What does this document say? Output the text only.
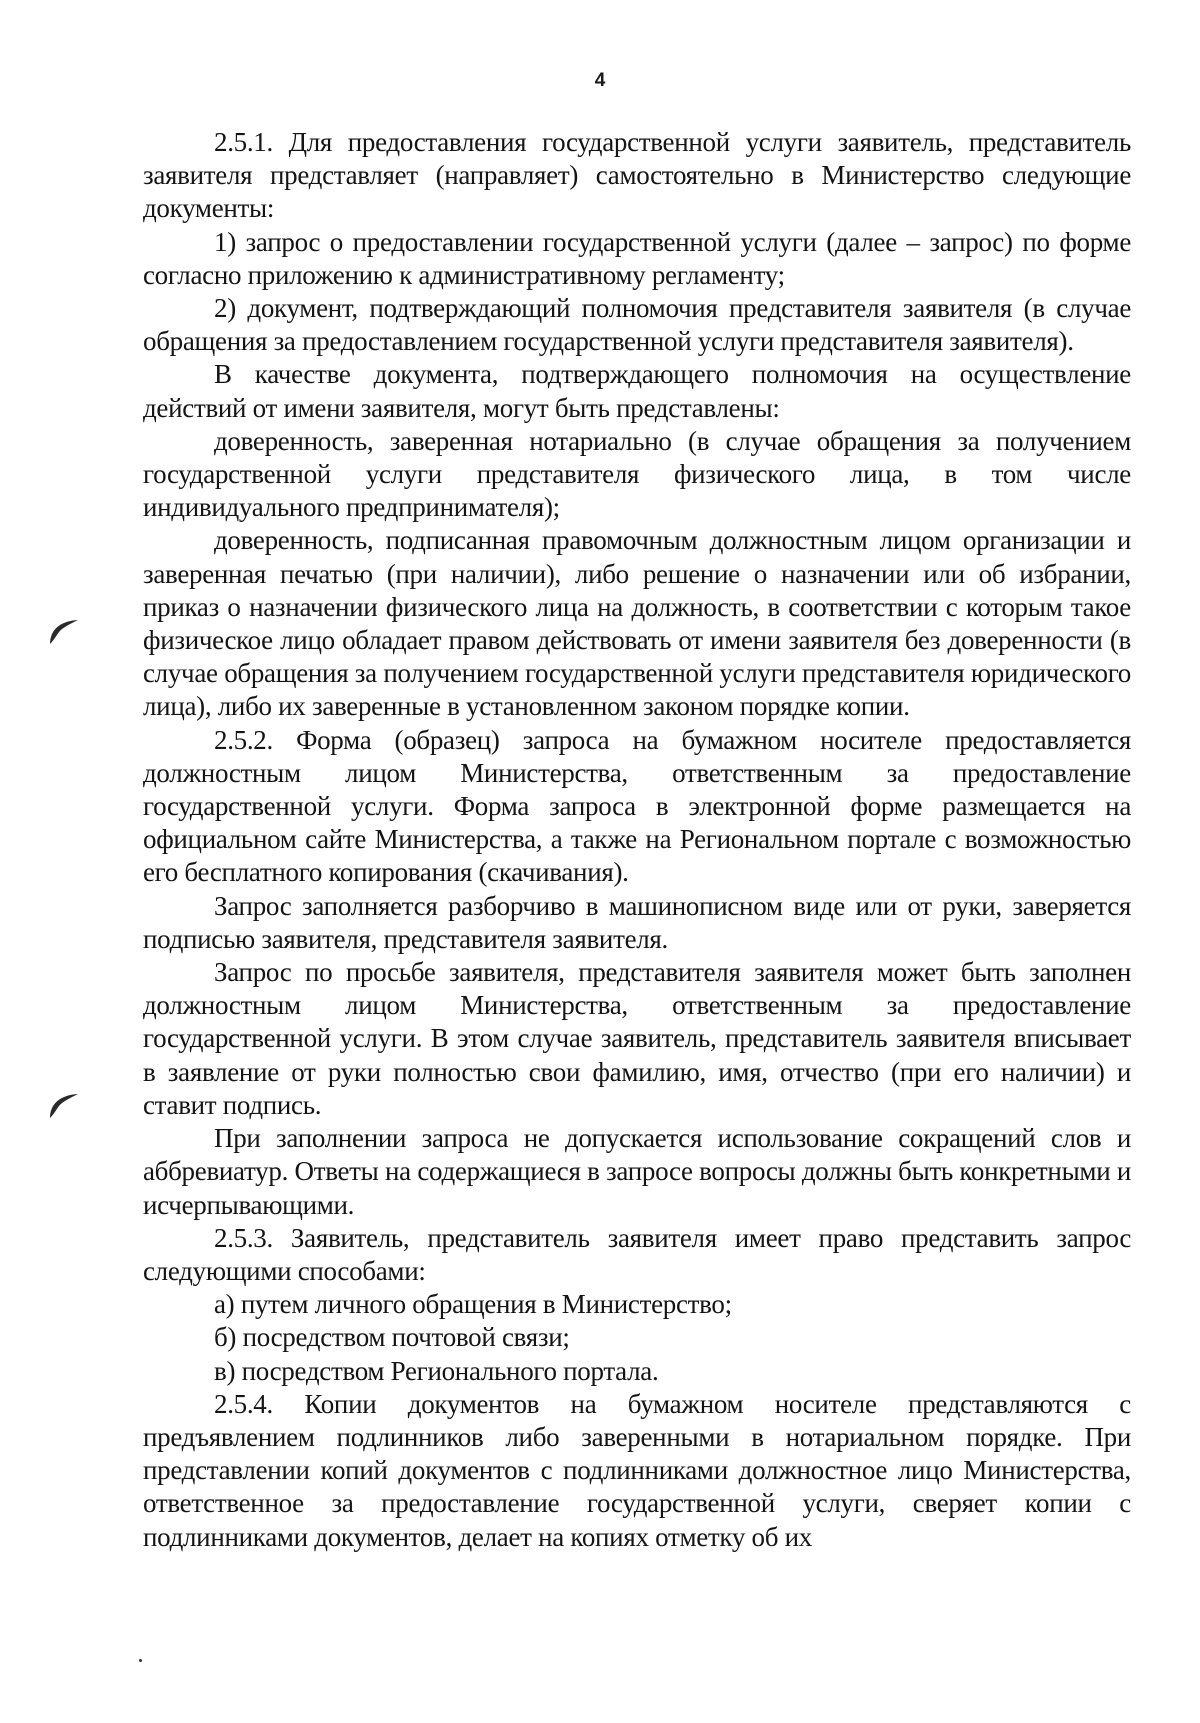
4

2.5.1. Для предоставления государственной услуги заявитель, представитель заявителя представляет (направляет) самостоятельно в Министерство следующие документы:

1) запрос о предоставлении государственной услуги (далее – запрос) по форме согласно приложению к административному регламенту;

2) документ, подтверждающий полномочия представителя заявителя (в случае обращения за предоставлением государственной услуги представителя заявителя).

В качестве документа, подтверждающего полномочия на осуществление действий от имени заявителя, могут быть представлены:

доверенность, заверенная нотариально (в случае обращения за получением государственной услуги представителя физического лица, в том числе индивидуального предпринимателя);

доверенность, подписанная правомочным должностным лицом организации и заверенная печатью (при наличии), либо решение о назначении или об избрании, приказ о назначении физического лица на должность, в соответствии с которым такое физическое лицо обладает правом действовать от имени заявителя без доверенности (в случае обращения за получением государственной услуги представителя юридического лица), либо их заверенные в установленном законом порядке копии.

2.5.2. Форма (образец) запроса на бумажном носителе предоставляется должностным лицом Министерства, ответственным за предоставление государственной услуги. Форма запроса в электронной форме размещается на официальном сайте Министерства, а также на Региональном портале с возможностью его бесплатного копирования (скачивания).

Запрос заполняется разборчиво в машинописном виде или от руки, заверяется подписью заявителя, представителя заявителя.

Запрос по просьбе заявителя, представителя заявителя может быть заполнен должностным лицом Министерства, ответственным за предоставление государственной услуги. В этом случае заявитель, представитель заявителя вписывает в заявление от руки полностью свои фамилию, имя, отчество (при его наличии) и ставит подпись.

При заполнении запроса не допускается использование сокращений слов и аббревиатур. Ответы на содержащиеся в запросе вопросы должны быть конкретными и исчерпывающими.

2.5.3. Заявитель, представитель заявителя имеет право представить запрос следующими способами:

а) путем личного обращения в Министерство;

б) посредством почтовой связи;

в) посредством Регионального портала.

2.5.4. Копии документов на бумажном носителе представляются с предъявлением подлинников либо заверенными в нотариальном порядке. При представлении копий документов с подлинниками должностное лицо Министерства, ответственное за предоставление государственной услуги, сверяет копии с подлинниками документов, делает на копиях отметку об их
